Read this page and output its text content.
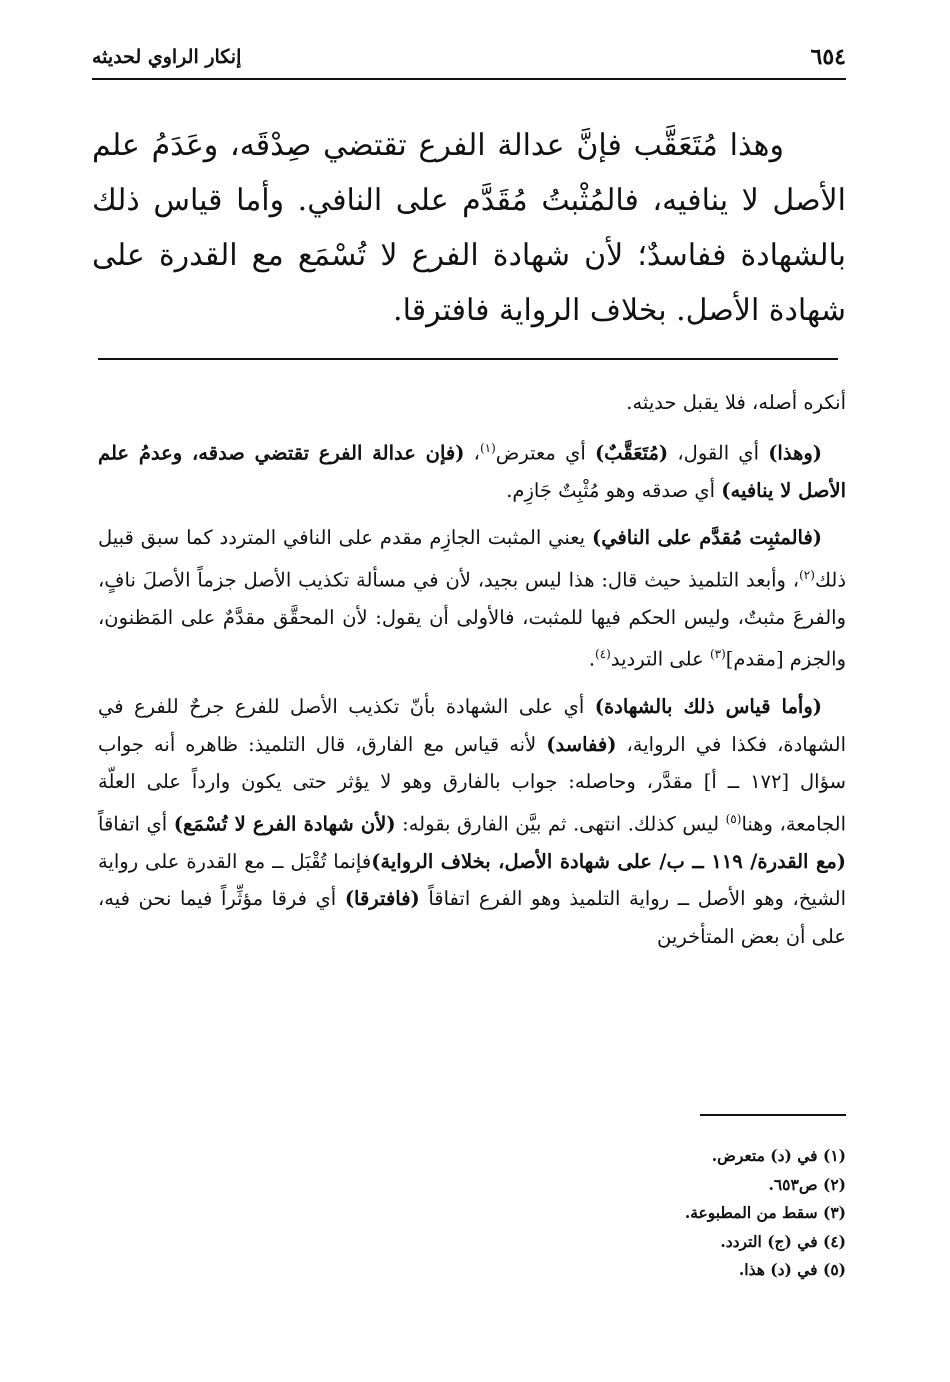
٦٥٤
إنكار الراوي لحديثه

وهذا مُتَعَقَّب فإنَّ عدالة الفرع تقتضي صِدْقَه، وعَدَمُ علم الأصل لا ينافيه، فالمُثْبتُ مُقَدَّم على النافي. وأما قياس ذلك بالشهادة ففاسدٌ؛ لأن شهادة الفرع لا تُسْمَع مع القدرة على شهادة الأصل. بخلاف الرواية فافترقا.

أنكره أصله، فلا يقبل حديثه.

(وهذا) أي القول، (مُتَعَقَّبٌ) أي معترض$^{(١)}$، (فإن عدالة الفرع تقتضي صدقه، وعدمُ علم الأصل لا ينافيه) أي صدقه وهو مُثْبِتٌ جَازِم.

(فالمثبِت مُقدَّم على النافي) يعني المثبت الجازِم مقدم على النافي المتردد كما سبق قبيل ذلك$^{(٢)}$، وأبعد التلميذ حيث قال: هذا ليس بجيد، لأن في مسألة تكذيب الأصل جزماً الأصلَ نافٍ، والفرعَ مثبتٌ، وليس الحكم فيها للمثبت، فالأولى أن يقول: لأن المحقَّق مقدَّمٌ على المَظنون، والجزم [مقدم]$^{(٣)}$ على الترديد$^{(٤)}$.

(وأما قياس ذلك بالشهادة) أي على الشهادة بأنّ تكذيب الأصل للفرع جرحٌ للفرع في الشهادة، فكذا في الرواية، (ففاسد) لأنه قياس مع الفارق، قال التلميذ: ظاهره أنه جواب سؤال [١٧٢ ــ أ] مقدَّر، وحاصله: جواب بالفارق وهو لا يؤثر حتى يكون وارداً على العلّة الجامعة، وهنا$^{(٥)}$ ليس كذلك. انتهى. ثم بيَّن الفارق بقوله: (لأن شهادة الفرع لا تُسْمَع) أي اتفاقاً (مع القدرة/ ١١٩ ــ ب/ على شهادة الأصل، بخلاف الرواية)فإنما تُقْبَل ــ مع القدرة على رواية الشيخ، وهو الأصل ــ رواية التلميذ وهو الفرع اتفاقاً (فافترقا) أي فرقا مؤثِّراً فيما نحن فيه، على أن بعض المتأخرين

(١) في (د) متعرض.
(٢) ص٦٥٣.
(٣) سقط من المطبوعة.
(٤) في (ج) التردد.
(٥) في (د) هذا.
